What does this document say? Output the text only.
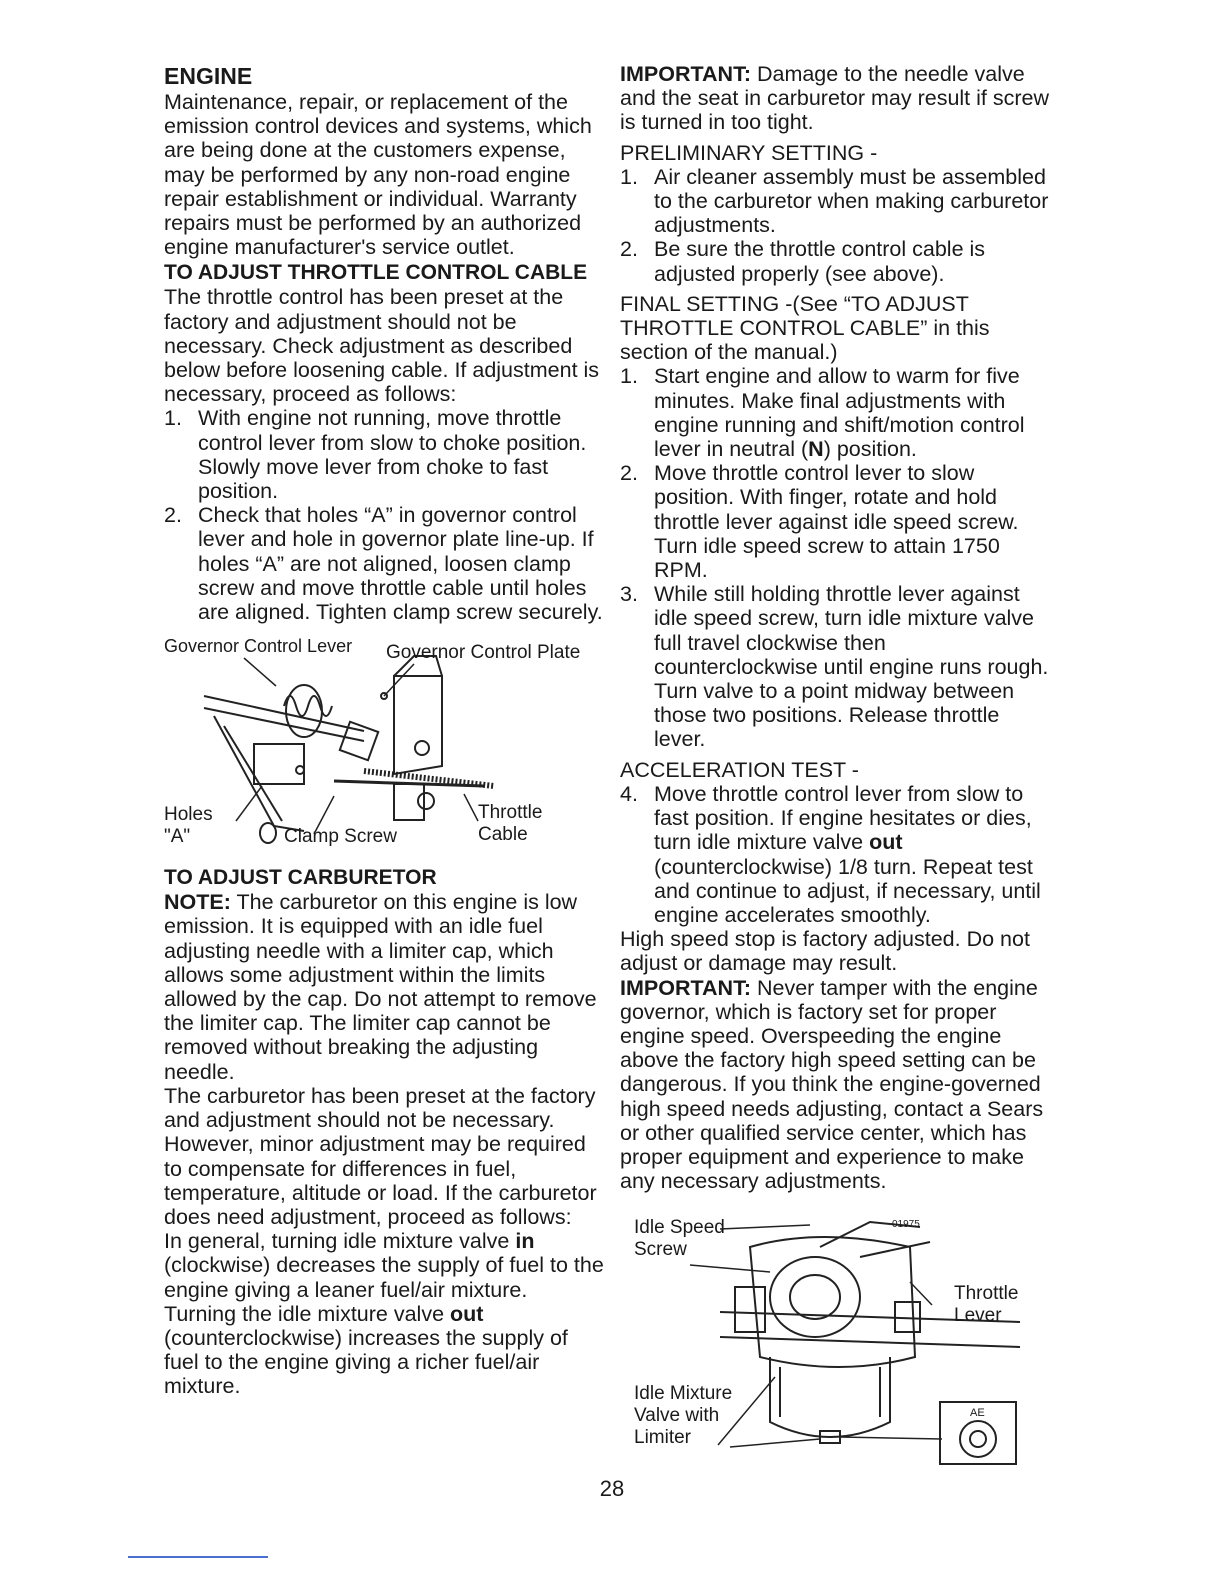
ENGINE

Maintenance, repair, or replacement of the emission control devices and systems, which are being done at the customers expense, may be performed by any non-road engine repair establishment or individual. Warranty repairs must be performed by an authorized engine manufacturer's service outlet.

TO ADJUST THROTTLE CONTROL CABLE

The throttle control has been preset at the factory and adjustment should not be necessary. Check adjustment as described below before loosening cable. If adjustment is necessary, proceed as follows:

1. With engine not running, move throttle control lever from slow to choke position. Slowly move lever from choke to fast position.
2. Check that holes “A” in governor control lever and hole in governor plate line-up. If holes “A” are not aligned, loosen clamp screw and move throttle cable until holes are aligned. Tighten clamp screw securely.
Governor Control Lever Governor Control Plate
Holes
"A"	Clamp Screw
Throttle
Cable
TO ADJUST CARBURETOR

NOTE: The carburetor on this engine is low emission. It is equipped with an idle fuel adjusting needle with a limiter cap, which allows some adjustment within the limits allowed by the cap. Do not attempt to remove the limiter cap. The limiter cap cannot be removed without breaking the adjusting needle.

The carburetor has been preset at the factory and adjustment should not be necessary. However, minor adjustment may be required to compensate for differences in fuel, temperature, altitude or load. If the carburetor does need adjustment, proceed as follows:

In general, turning idle mixture valve in (clockwise) decreases the supply of fuel to the engine giving a leaner fuel/air mixture. Turning the idle mixture valve out (counterclockwise) increases the supply of fuel to the engine giving a richer fuel/air mixture.

IMPORTANT: Damage to the needle valve and the seat in carburetor may result if screw is turned in too tight.

PRELIMINARY SETTING -

1. Air cleaner assembly must be assembled to the carburetor when making carburetor adjustments.
2. Be sure the throttle control cable is adjusted properly (see above).

FINAL SETTING -(See “TO ADJUST THROTTLE CONTROL CABLE” in this section of the manual.)

1. Start engine and allow to warm for five minutes. Make final adjustments with engine running and shift/motion control lever in neutral (N) position.
2. Move throttle control lever to slow position. With finger, rotate and hold throttle lever against idle speed screw. Turn idle speed screw to attain 1750 RPM.
3. While still holding throttle lever against idle speed screw, turn idle mixture valve full travel clockwise then counterclockwise until engine runs rough. Turn valve to a point midway between those two positions. Release throttle lever.

ACCELERATION TEST -

4. Move throttle control lever from slow to fast position. If engine hesitates or dies, turn idle mixture valve out (counterclockwise) 1/8 turn. Repeat test and continue to adjust, if necessary, until engine accelerates smoothly.

High speed stop is factory adjusted. Do not adjust or damage may result.

IMPORTANT: Never tamper with the engine governor, which is factory set for proper engine speed. Overspeeding the engine above the factory high speed setting can be dangerous. If you think the engine-governed high speed needs adjusting, contact a Sears or other qualified service center, which has proper equipment and experience to make any necessary adjustments.

Idle Speed
Screw
01975
Throttle
Lever
Idle Mixture
Valve with
Limiter
AE
28
